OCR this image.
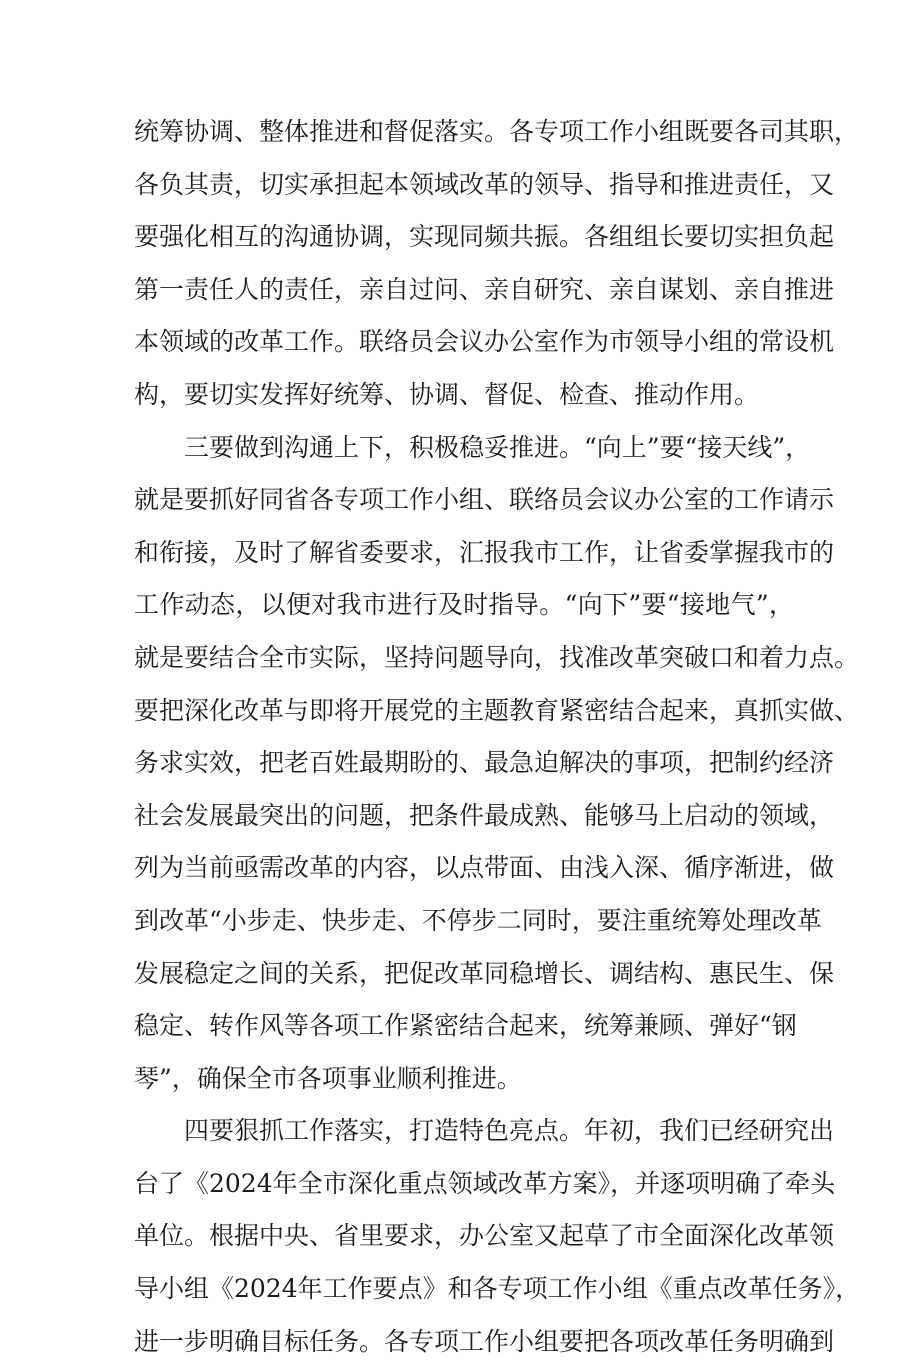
统筹协调、整体推进和督促落实。各专项工作小组既要各司其职，
各负其责，切实承担起本领域改革的领导、指导和推进责任，又
要强化相互的沟通协调，实现同频共振。各组组长要切实担负起
第一责任人的责任，亲自过问、亲自研究、亲自谋划、亲自推进
本领域的改革工作。联络员会议办公室作为市领导小组的常设机
构，要切实发挥好统筹、协调、督促、检查、推动作用。
三要做到沟通上下，积极稳妥推进。“向上”要“接天线”，
就是要抓好同省各专项工作小组、联络员会议办公室的工作请示
和衔接，及时了解省委要求，汇报我市工作，让省委掌握我市的
工作动态，以便对我市进行及时指导。“向下”要“接地气”，
就是要结合全市实际，坚持问题导向，找准改革突破口和着力点。
要把深化改革与即将开展党的主题教育紧密结合起来，真抓实做、
务求实效，把老百姓最期盼的、最急迫解决的事项，把制约经济
社会发展最突出的问题，把条件最成熟、能够马上启动的领域，
列为当前亟需改革的内容，以点带面、由浅入深、循序渐进，做
到改革“小步走、快步走、不停步二同时，要注重统筹处理改革
发展稳定之间的关系，把促改革同稳增长、调结构、惠民生、保
稳定、转作风等各项工作紧密结合起来，统筹兼顾、弹好“钢
琴”，确保全市各项事业顺利推进。
四要狠抓工作落实，打造特色亮点。年初，我们已经研究出
台了《2024年全市深化重点领域改革方案》，并逐项明确了牵头
单位。根据中央、省里要求，办公室又起草了市全面深化改革领
导小组《2024年工作要点》和各专项工作小组《重点改革任务》，
进一步明确目标任务。各专项工作小组要把各项改革任务明确到
